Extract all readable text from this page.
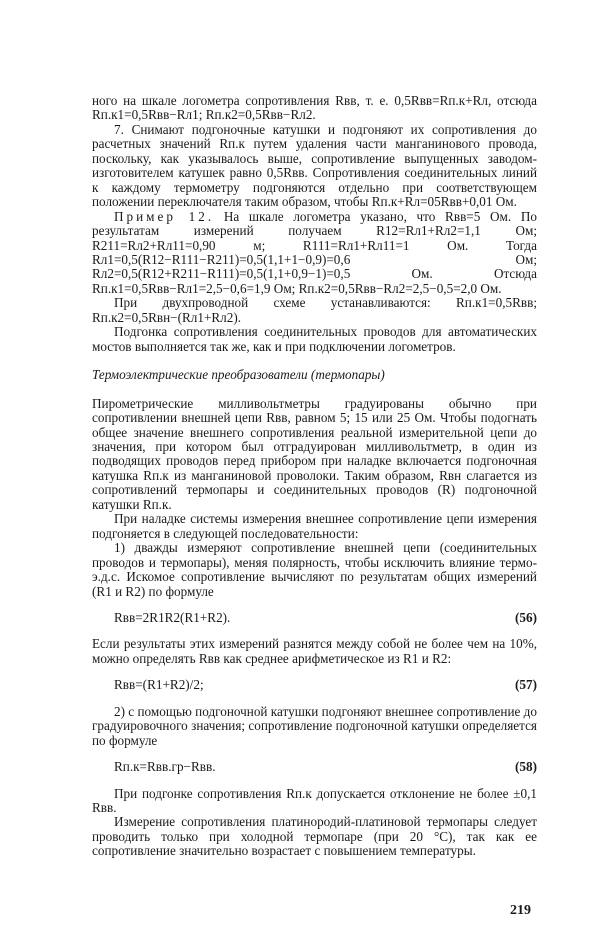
ного на шкале логометра сопротивления Rвв, т. е. 0,5Rвв=Rп.к+Rл, отсюда Rп.к1=0,5Rвв−Rл1; Rп.к2=0,5Rвв−Rл2.

7. Снимают подгоночные катушки и подгоняют их сопротивления до расчетных значений Rп.к путем удаления части манганинового провода, поскольку, как указывалось выше, сопротивление выпущенных заводом-изготовителем катушек равно 0,5Rвв. Сопротивления соединительных линий к каждому термометру подгоняются отдельно при соответствующем положении переключателя таким образом, чтобы Rп.к+Rл=05Rвв+0,01 Ом.

Пример 12. На шкале логометра указано, что Rвв=5 Ом. По результатам измерений получаем R12=Rл1+Rл2=1,1 Ом; R211=Rл2+Rл11=0,90 м; R111=Rл1+Rл11=1 Ом. Тогда Rл1=0,5(R12−R111−R211)=0,5(1,1+1−0,9)=0,6 Ом; Rл2=0,5(R12+R211−R111)=0,5(1,1+0,9−1)=0,5 Ом. Отсюда Rп.к1=0,5Rвв−Rл1=2,5−0,6=1,9 Ом; Rп.к2=0,5Rвв−Rл2=2,5−0,5=2,0 Ом.

При двухпроводной схеме устанавливаются: Rп.к1=0,5Rвв; Rп.к2=0,5Rвн−(Rл1+Rл2).

Подгонка сопротивления соединительных проводов для автоматических мостов выполняется так же, как и при подключении логометров.

Термоэлектрические преобразователи (термопары)

Пирометрические милливольтметры градуированы обычно при сопротивлении внешней цепи Rвв, равном 5; 15 или 25 Ом. Чтобы подогнать общее значение внешнего сопротивления реальной измерительной цепи до значения, при котором был отградуирован милливольтметр, в один из подводящих проводов перед прибором при наладке включается подгоночная катушка Rп.к из манганиновой проволоки. Таким образом, Rвн слагается из сопротивлений термопары и соединительных проводов (R) подгоночной катушки Rп.к.

При наладке системы измерения внешнее сопротивление цепи измерения подгоняется в следующей последовательности:

1) дважды измеряют сопротивление внешней цепи (соединительных проводов и термопары), меняя полярность, чтобы исключить влияние термо-э.д.с. Искомое сопротивление вычисляют по результатам общих измерений (R1 и R2) по формуле

Rвв=2R1R2(R1+R2).	(56)

Если результаты этих измерений разнятся между собой не более чем на 10%, можно определять Rвв как среднее арифметическое из R1 и R2:

Rвв=(R1+R2)/2;	(57)

2) с помощью подгоночной катушки подгоняют внешнее сопротивление до градуировочного значения; сопротивление подгоночной катушки определяется по формуле

Rп.к=Rвв.гр−Rвв.	(58)

При подгонке сопротивления Rп.к допускается отклонение не более ±0,1 Rвв.

Измерение сопротивления платинородий-платиновой термопары следует проводить только при холодной термопаре (при 20 °С), так как ее сопротивление значительно возрастает с повышением температуры.

219
